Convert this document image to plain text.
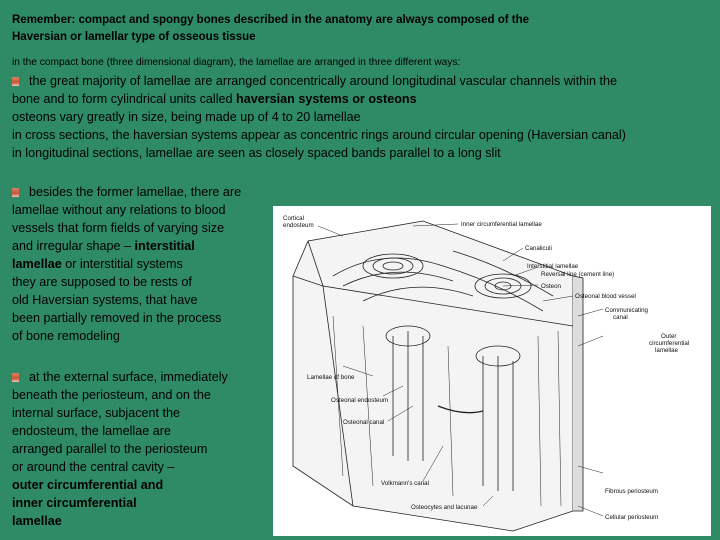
Remember: compact and spongy bones described in the anatomy are always composed of the
Haversian or lamellar type of osseous tissue
in the compact bone (three dimensional diagram), the lamellae are arranged in three different ways:
the great majority of lamellae are arranged concentrically around longitudinal vascular channels within the
bone and to form cylindrical units called haversian systems or osteons
osteons vary greatly in size, being made up of 4 to 20 lamellae
in cross sections, the haversian systems appear as concentric rings around circular opening (Haversian canal)
in longitudinal sections, lamellae are seen as closely spaced bands parallel to a long slit
besides the former lamellae, there are
lamellae without any relations to blood
vessels that form fields of varying size
and irregular shape – interstitial
lamellae or interstitial systems
they are supposed to be rests of
old Haversian systems, that have
been partially removed in the process
of bone remodeling
at the external surface, immediately
beneath the periosteum, and on the
internal surface, subjacent the
endosteum, the lamellae are
arranged parallel to the periosteum
or around the central cavity –
outer circumferential and
inner circumferential
lamellae
Cortical
endosteum	Inner circumferential lamellae
Canaliculi
Interstitial lamellae
Reversal line (cement line)
Osteon
Osteonal blood vessel
Communicating
canal
Outer
circumferential
lamellae
Lamellae of bone
Osteonal endosteum
Osteonal canal
Volkmann's canal
Fibrous periosteum
Osteocytes and lacunae
Cellular periosteum
